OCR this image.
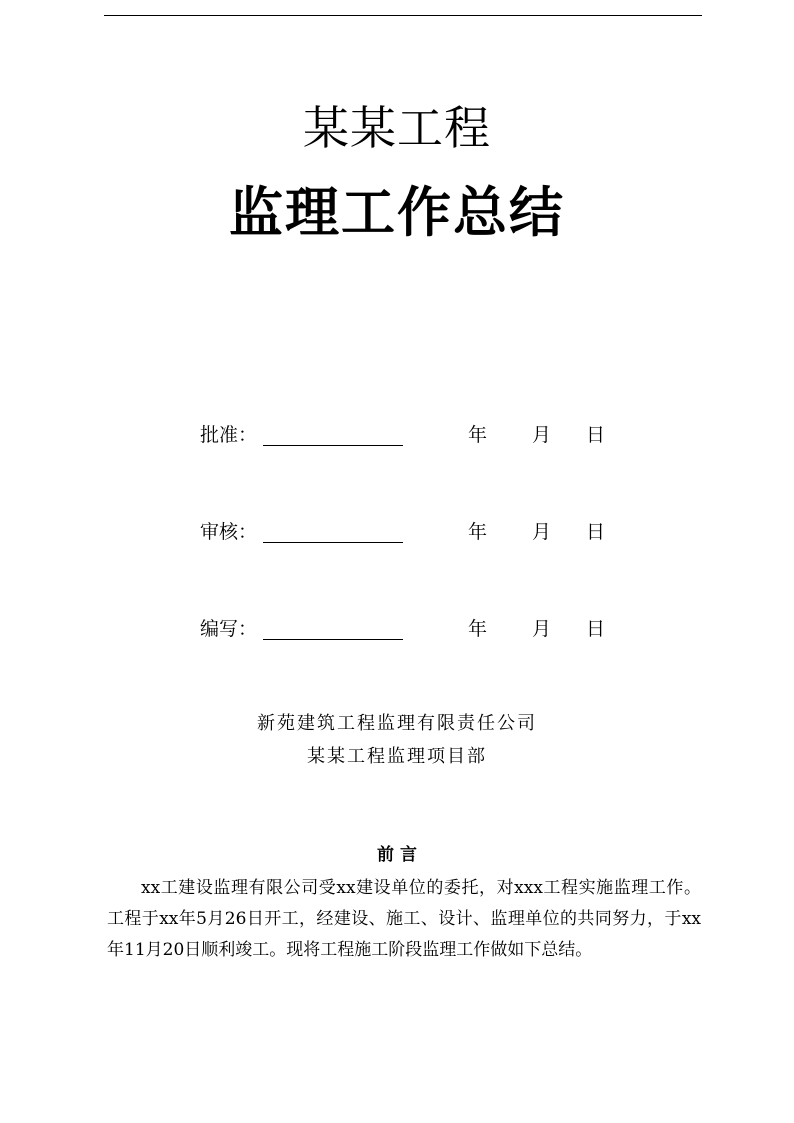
某某工程
监理工作总结
批准：	年 月 日
审核：	年 月 日
编写：	年 月 日
新苑建筑工程监理有限责任公司
某某工程监理项目部
前 言

xx工建设监理有限公司受xx建设单位的委托，对xxx工程实施监理工作。工程于xx年5月26日开工，经建设、施工、设计、监理单位的共同努力，于xx年11月20日顺利竣工。现将工程施工阶段监理工作做如下总结。
